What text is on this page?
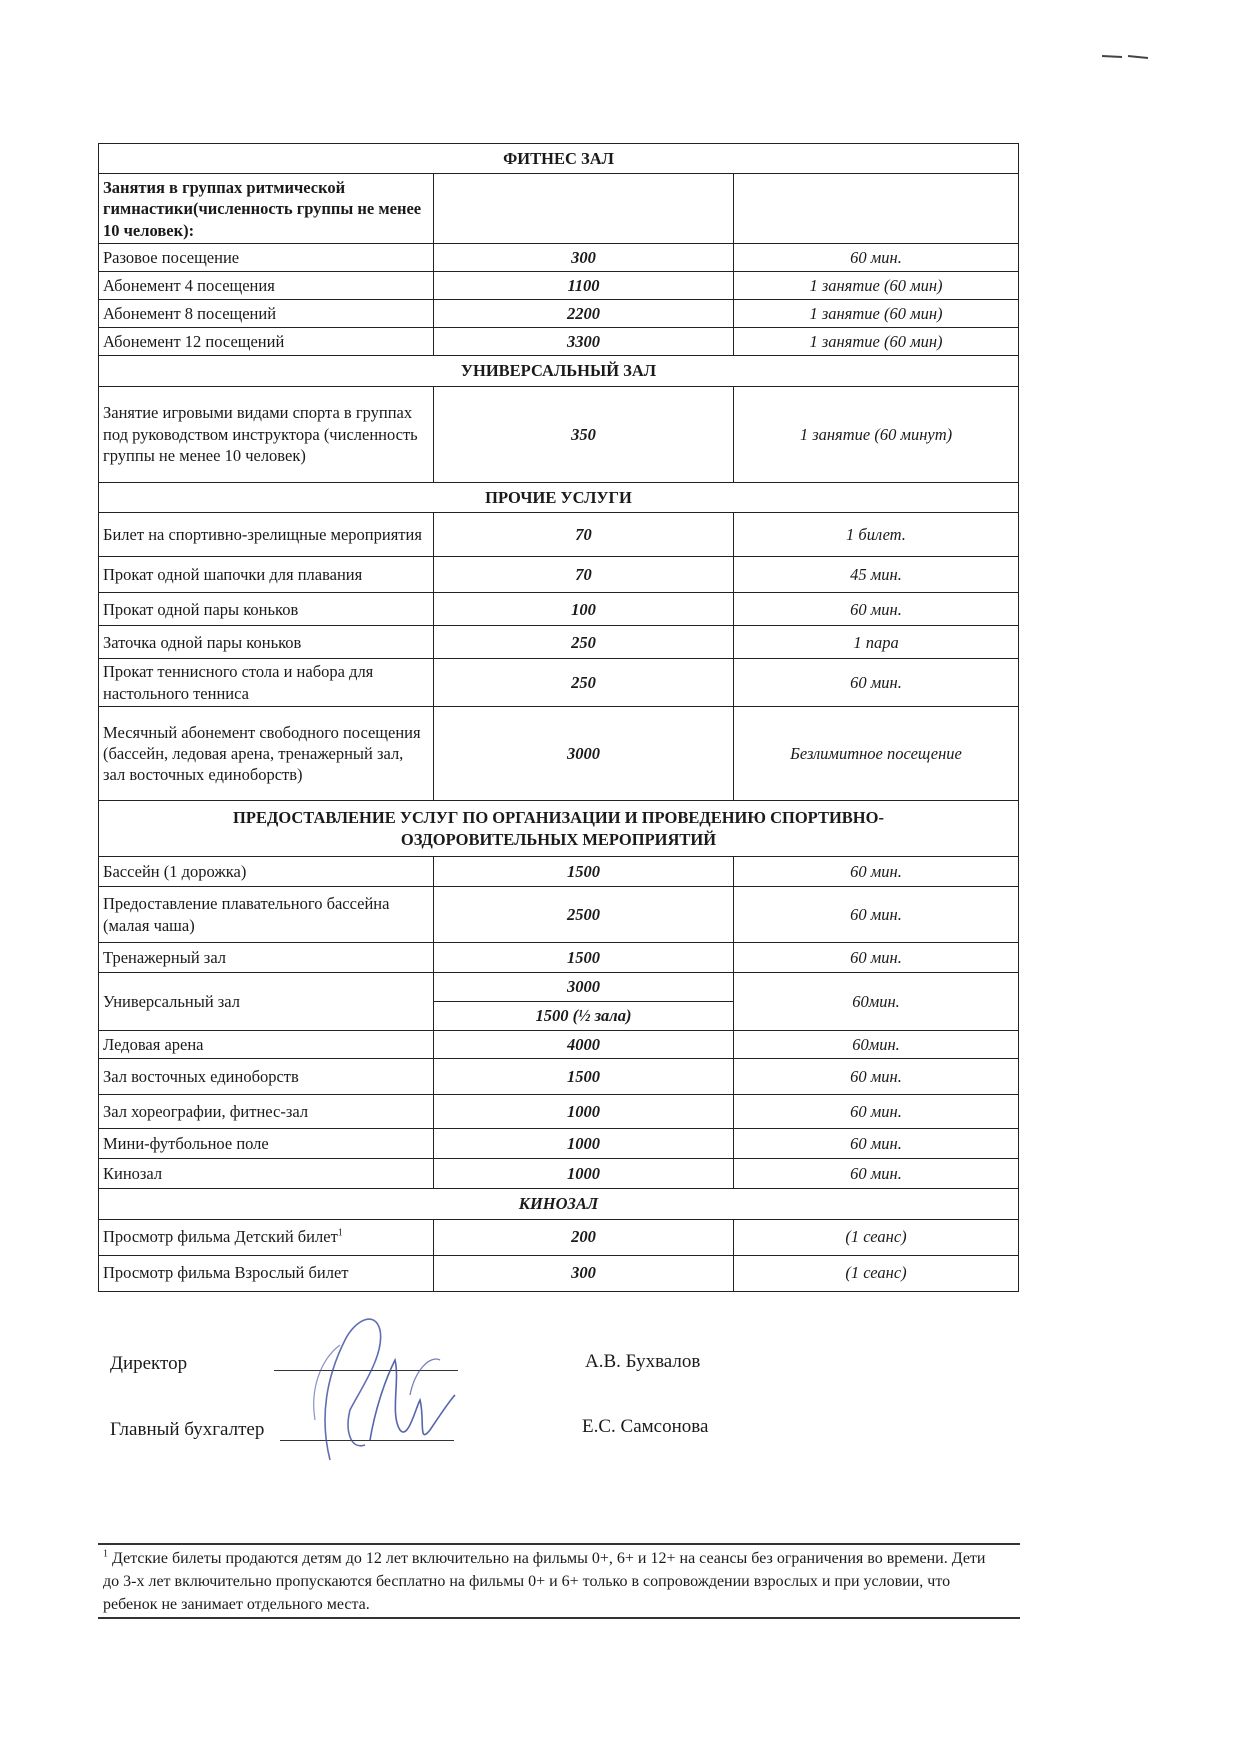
ФИТНЕС ЗАЛ		
Занятия в группах ритмической гимнастики(численность группы не менее 10 человек):		
Разовое посещение	300	60 мин.
Абонемент 4 посещения	1100	1 занятие (60 мин)
Абонемент 8 посещений	2200	1 занятие (60 мин)
Абонемент 12 посещений	3300	1 занятие (60 мин)
УНИВЕРСАЛЬНЫЙ ЗАЛ		
Занятие игровыми видами спорта в группах под руководством инструктора (численность группы не менее 10 человек)	350	1 занятие (60 минут)
ПРОЧИЕ УСЛУГИ		
Билет на спортивно-зрелищные мероприятия	70	1 билет.
Прокат одной шапочки для плавания	70	45 мин.
Прокат одной пары коньков	100	60 мин.
Заточка одной пары коньков	250	1 пара
Прокат теннисного стола и набора для настольного тенниса	250	60 мин.
Месячный абонемент свободного посещения (бассейн, ледовая арена, тренажерный зал, зал восточных единоборств)	3000	Безлимитное посещение
ПРЕДОСТАВЛЕНИЕ УСЛУГ ПО ОРГАНИЗАЦИИ И ПРОВЕДЕНИЮ СПОРТИВНО-ОЗДОРОВИТЕЛЬНЫХ МЕРОПРИЯТИЙ		
Бассейн (1 дорожка)	1500	60 мин.
Предоставление плавательного бассейна (малая чаша)	2500	60 мин.
Тренажерный зал	1500	60 мин.
Универсальный зал	3000	60мин.
	1500 (½ зала)	
Ледовая арена	4000	60мин.
Зал восточных единоборств	1500	60 мин.
Зал хореографии, фитнес-зал	1000	60 мин.
Мини-футбольное поле	1000	60 мин.
Кинозал	1000	60 мин.
КИНОЗАЛ		
Просмотр фильма Детский билет$^1$	200	(1 сеанс)
Просмотр фильма Взрослый билет	300	(1 сеанс)
Директор	А.В. Бухвалов
Главный бухгалтер	Е.С. Самсонова
$^1$ Детские билеты продаются детям до 12 лет включительно на фильмы 0+, 6+ и 12+ на сеансы без ограничения во времени. Дети до 3-х лет включительно пропускаются бесплатно на фильмы 0+ и 6+ только в сопровождении взрослых и при условии, что ребенок не занимает отдельного места.
